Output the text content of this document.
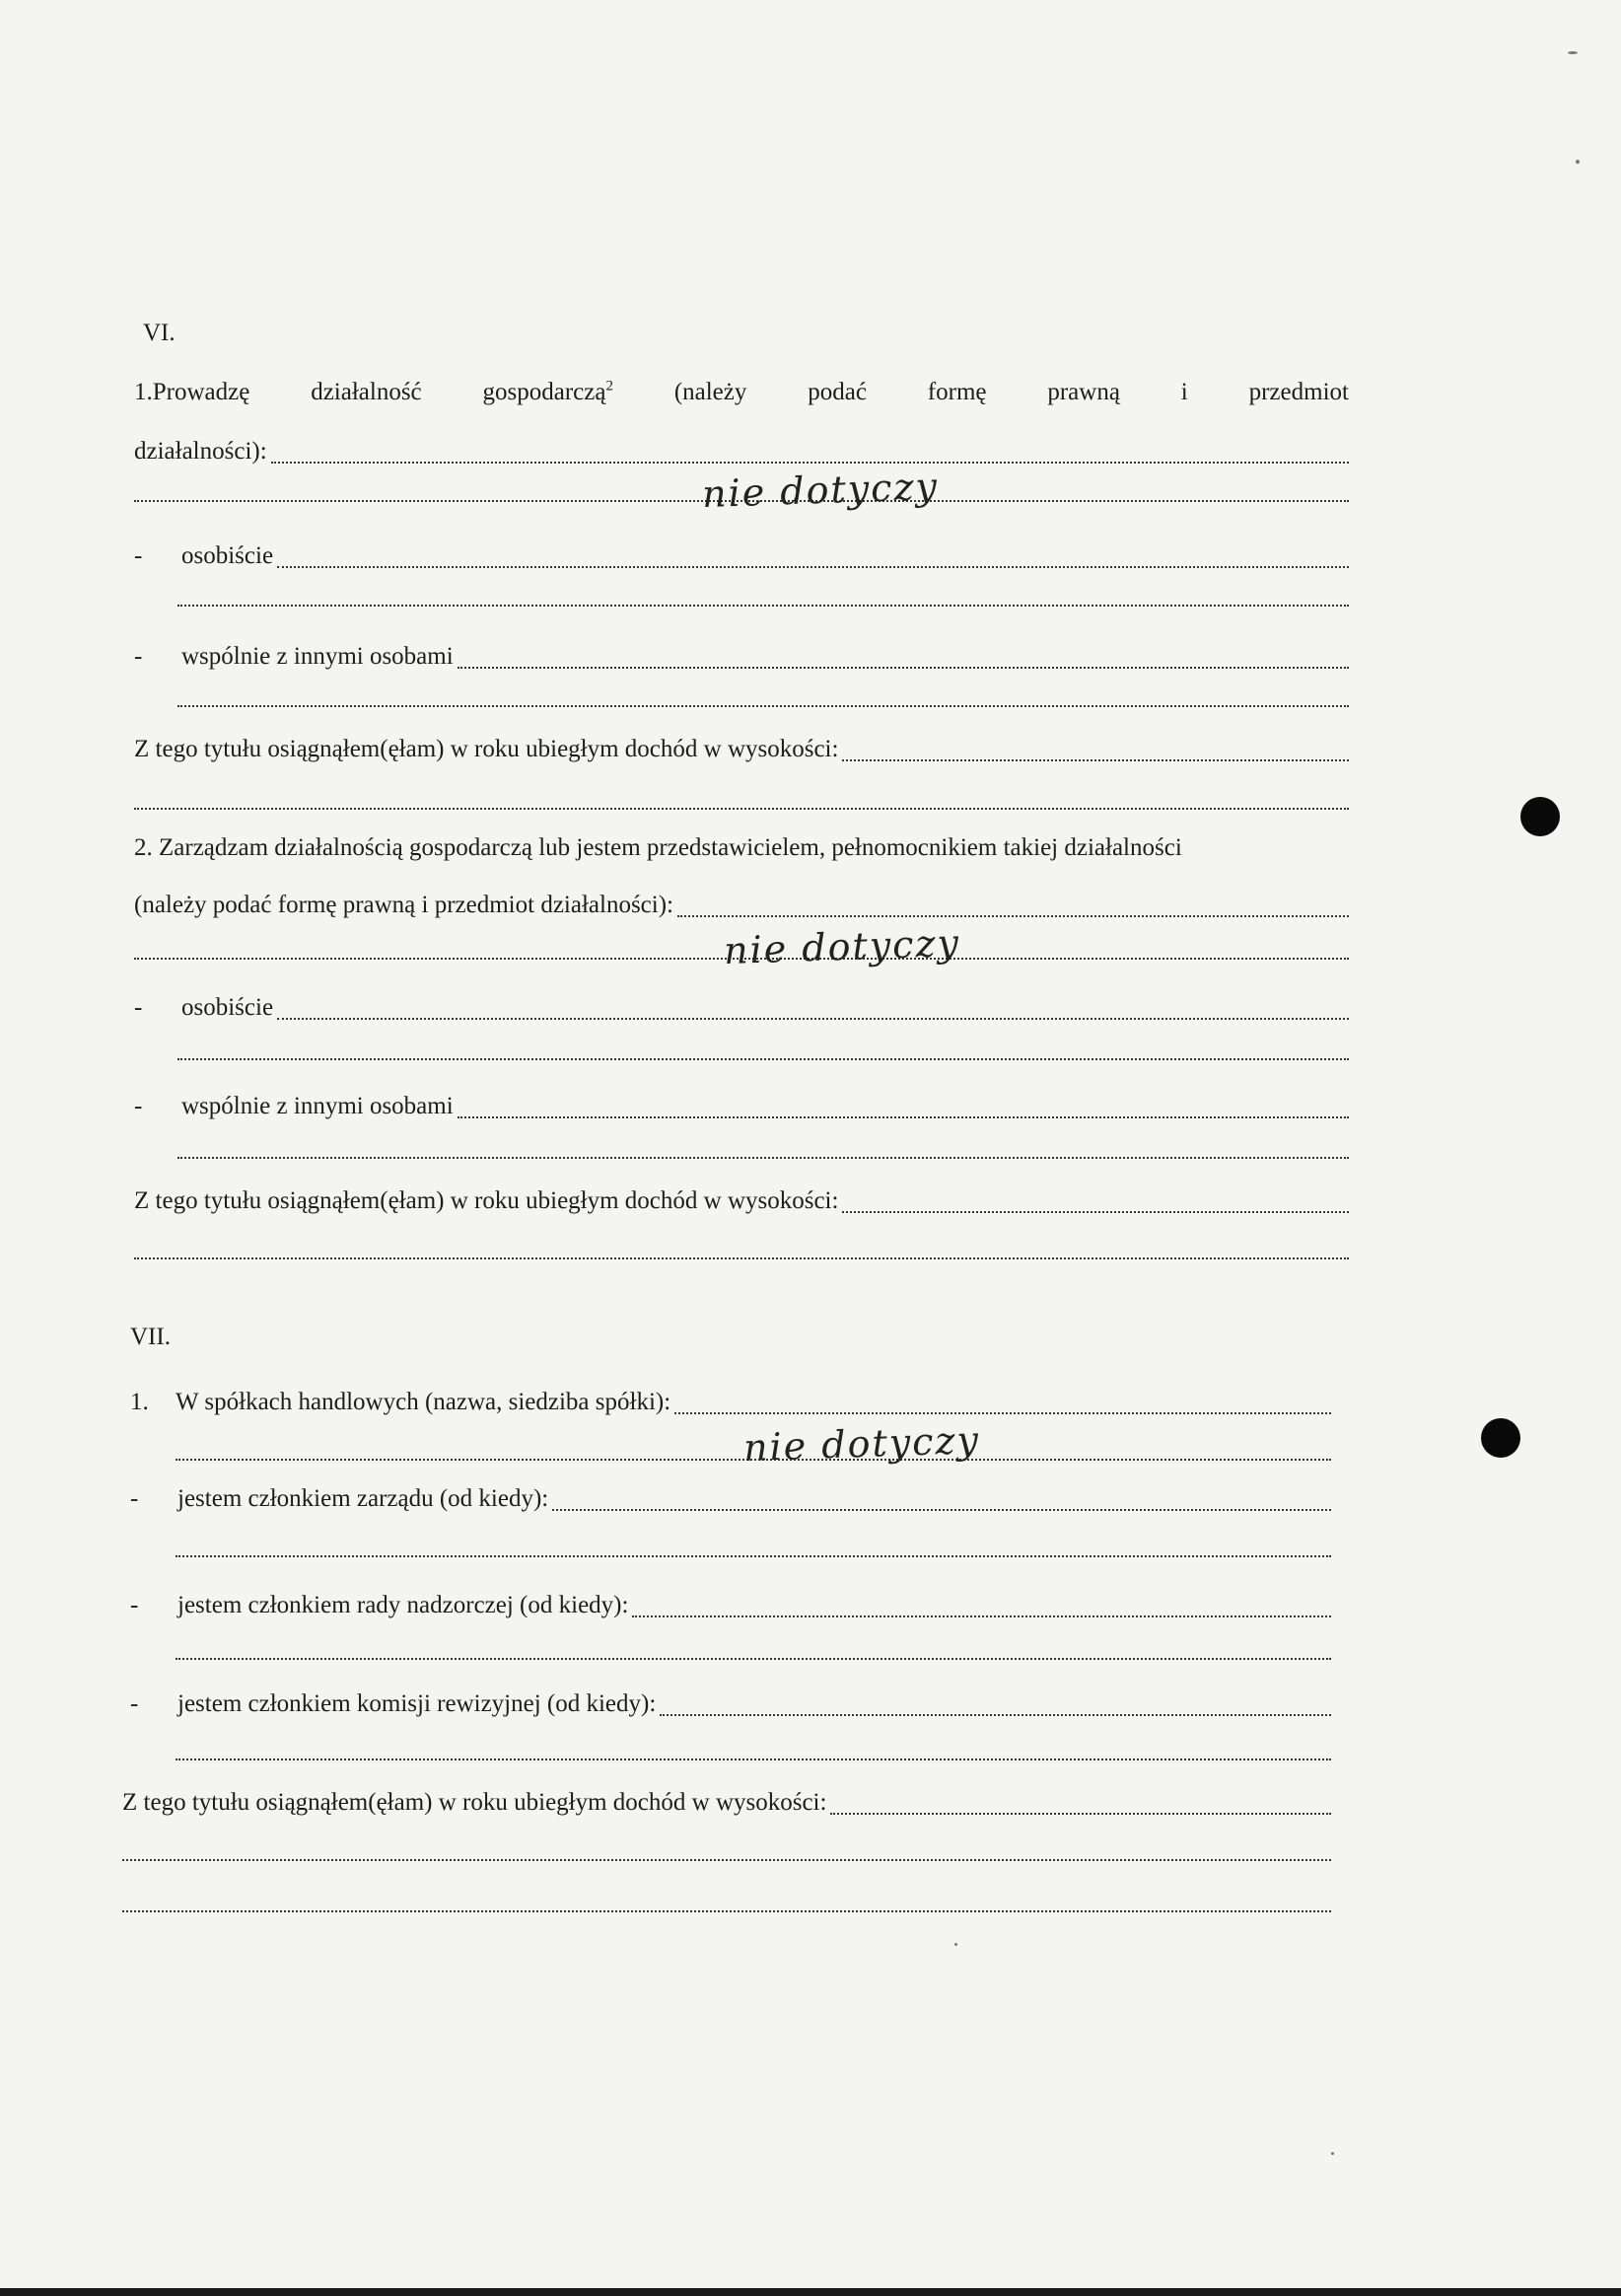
VI.
1.Prowadzę działalność gospodarczą$^2$ (należy podać formę prawną i przedmiot
działalności):
nie dotyczy
-	osobiście
-	wspólnie z innymi osobami
Z tego tytułu osiągnąłem(ęłam) w roku ubiegłym dochód w wysokości:
2. Zarządzam działalnością gospodarczą lub jestem przedstawicielem, pełnomocnikiem takiej działalności
(należy podać formę prawną i przedmiot działalności):
nie dotyczy
-	osobiście
-	wspólnie z innymi osobami
Z tego tytułu osiągnąłem(ęłam) w roku ubiegłym dochód w wysokości:
VII.
1.	W spółkach handlowych (nazwa, siedziba spółki):
nie dotyczy
-	jestem członkiem zarządu (od kiedy):
-	jestem członkiem rady nadzorczej (od kiedy):
-	jestem członkiem komisji rewizyjnej (od kiedy):
Z tego tytułu osiągnąłem(ęłam) w roku ubiegłym dochód w wysokości:
